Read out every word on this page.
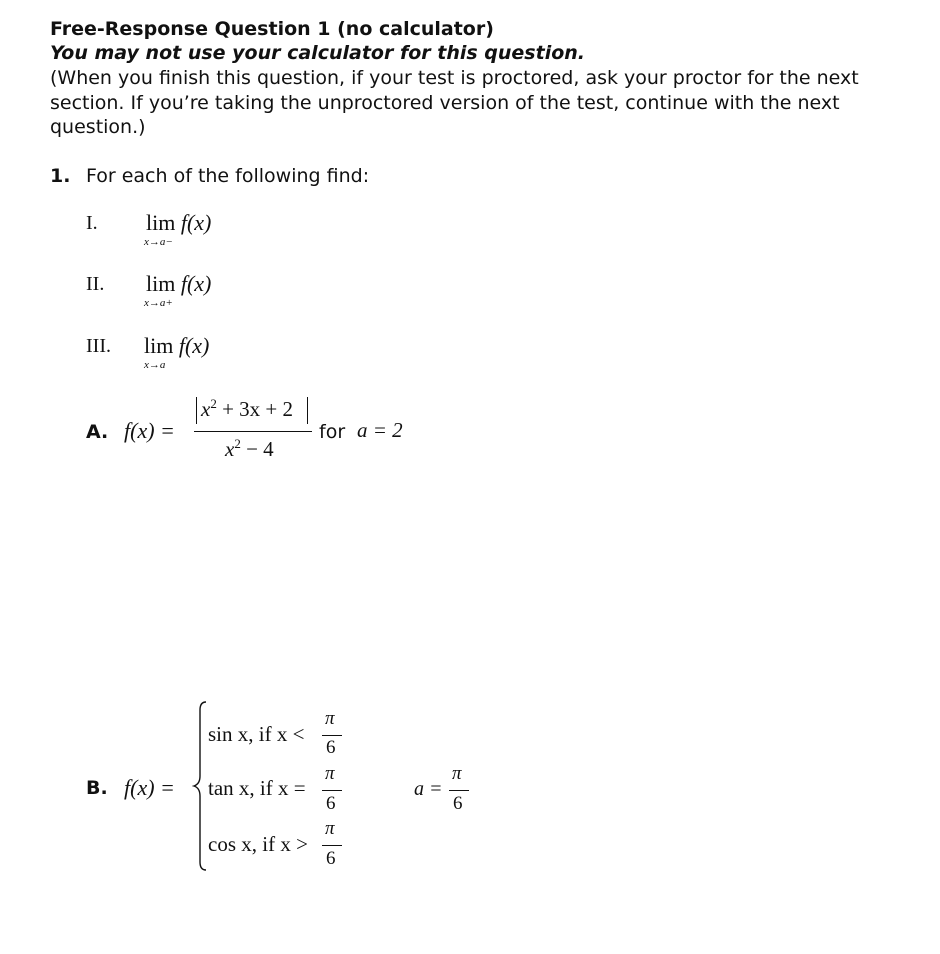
Free-Response Question 1 (no calculator)
You may not use your calculator for this question.
(When you finish this question, if your test is proctored, ask your proctor for the next section. If you’re taking the unproctored version of the test, continue with the next question.)
1. For each of the following find:
I. lim f(x)
x→a−
II. lim f(x)
x→a+
III. lim f(x)
x→a
A. f(x) =
$x^2 + 3x + 2$
$x^2 - 4$
for a = 2
B. f(x) =
sin x, if x <
π
6
tan x, if x =
π
6
cos x, if x >
π
6
a =
π
6
